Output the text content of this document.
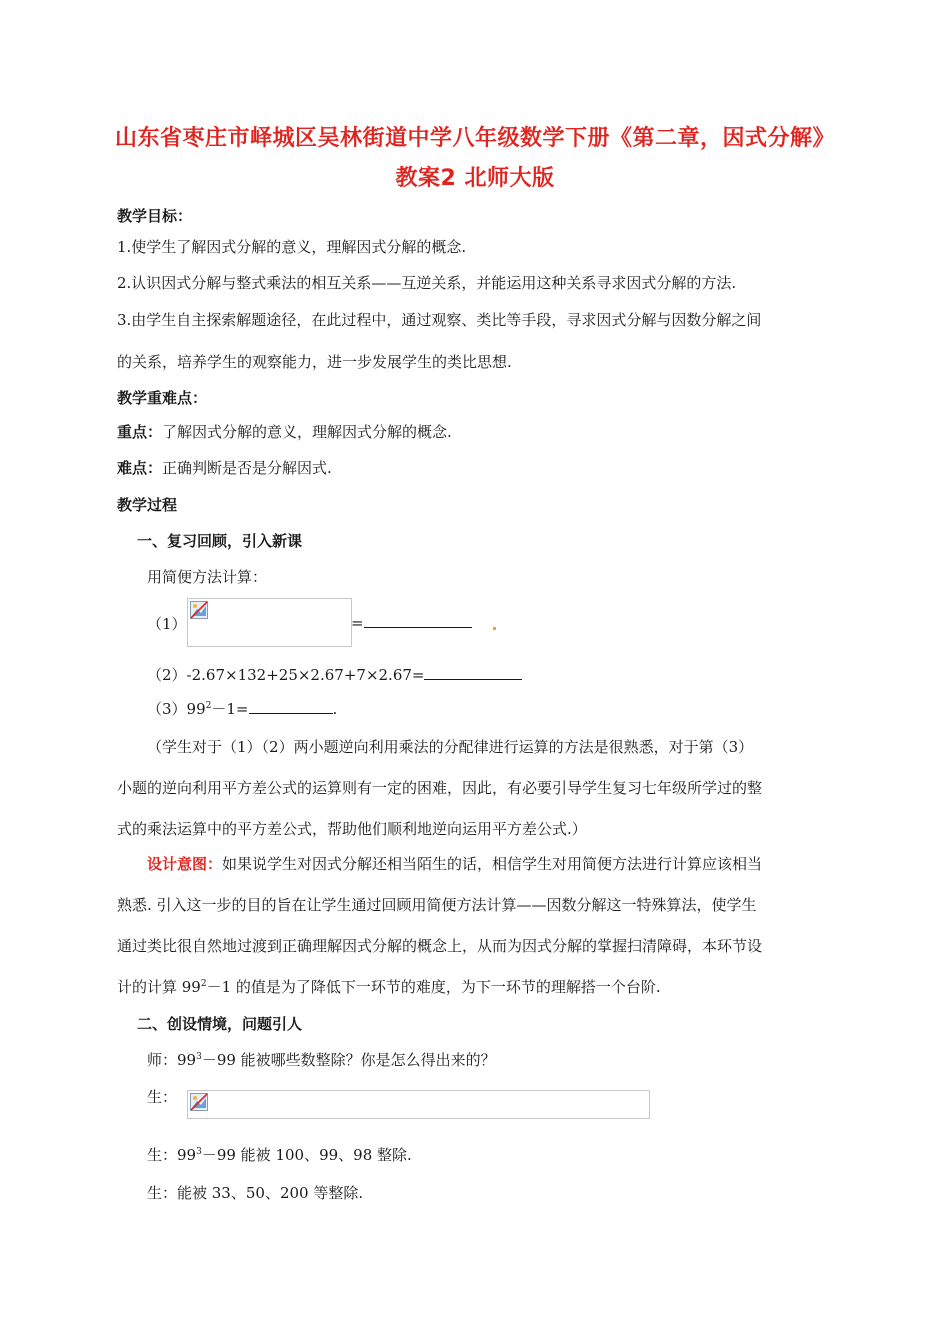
山东省枣庄市峄城区吴林街道中学八年级数学下册《第二章，因式分解》
教案2 北师大版
教学目标：
1.使学生了解因式分解的意义，理解因式分解的概念.
2.认识因式分解与整式乘法的相互关系——互逆关系，并能运用这种关系寻求因式分解的方法.
3.由学生自主探索解题途径，在此过程中，通过观察、类比等手段，寻求因式分解与因数分解之间
的关系，培养学生的观察能力，进一步发展学生的类比思想.
教学重难点：
重点：了解因式分解的意义，理解因式分解的概念.
难点：正确判断是否是分解因式.
教学过程
一、复习回顾，引入新课
用简便方法计算：
（1）	=
（2）-2.67×132+25×2.67+7×2.67=
$(3)99^2-1=$	.
（学生对于（1）（2）两小题逆向利用乘法的分配律进行运算的方法是很熟悉，对于第（3）
小题的逆向利用平方差公式的运算则有一定的困难，因此，有必要引导学生复习七年级所学过的整
式的乘法运算中的平方差公式，帮助他们顺利地逆向运用平方差公式.）
设计意图：如果说学生对因式分解还相当陌生的话，相信学生对用简便方法进行计算应该相当
熟悉. 引入这一步的目的旨在让学生通过回顾用简便方法计算——因数分解这一特殊算法，使学生
通过类比很自然地过渡到正确理解因式分解的概念上，从而为因式分解的掌握扫清障碍，本环节设
计的计算 $99^2-1$ 的值是为了降低下一环节的难度，为下一环节的理解搭一个台阶.
二、创设情境，问题引人
师：$99^3-99$ 能被哪些数整除？你是怎么得出来的？
生：
生：$99^3-99$ 能被 100、99、98 整除.
生：能被 33、50、200 等整除.
